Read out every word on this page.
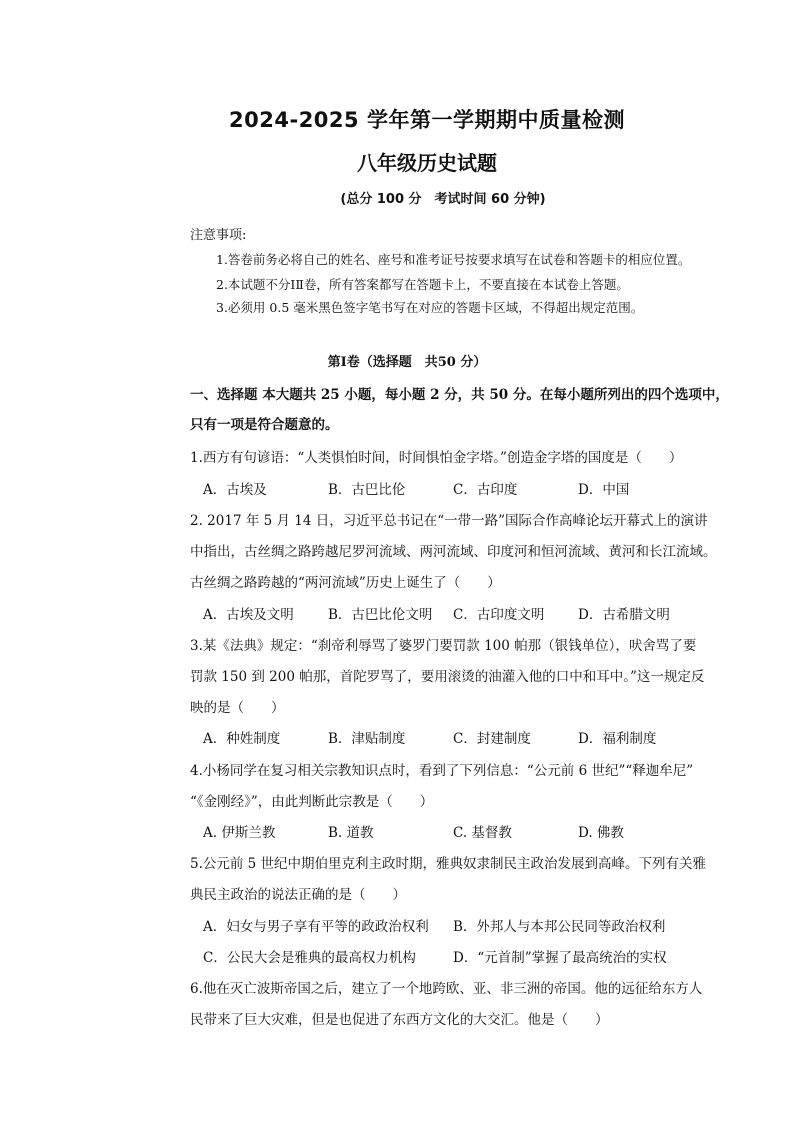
2024-2025 学年第一学期期中质量检测
八年级历史试题
(总分 100 分　考试时间 60 分钟)
注意事项:
1.答卷前务必将自己的姓名、座号和准考证号按要求填写在试卷和答题卡的相应位置。
2.本试题不分ⅠⅡ卷，所有答案都写在答题卡上，不要直接在本试卷上答题。
3.必须用 0.5 毫米黑色签字笔书写在对应的答题卡区域，不得超出规定范围。
第Ⅰ卷（选择题　共50 分）
一、选择题 本大题共 25 小题，每小题 2 分，共 50 分。在每小题所列出的四个选项中，
只有一项是符合题意的。
1.西方有句谚语：“人类惧怕时间，时间惧怕金字塔。”创造金字塔的国度是（　　）
A．古埃及	B．古巴比伦	C．古印度	D．中国
2. 2017 年 5 月 14 日，习近平总书记在“一带一路”国际合作高峰论坛开幕式上的演讲
中指出，古丝绸之路跨越尼罗河流域、两河流域、印度河和恒河流域、黄河和长江流域。
古丝绸之路跨越的“两河流域”历史上诞生了（　　）
A．古埃及文明	B．古巴比伦文明 C．古印度文明 D．古希腊文明
3.某《法典》规定：“刹帝利辱骂了婆罗门要罚款 100 帕那（银钱单位），吠舍骂了要
罚款 150 到 200 帕那，首陀罗骂了，要用滚烫的油灌入他的口中和耳中。”这一规定反
映的是（　　）
A．种姓制度	B．津贴制度	C．封建制度	D．福利制度
4.小杨同学在复习相关宗教知识点时，看到了下列信息：“公元前 6 世纪”“释迦牟尼”
“《金刚经》”，由此判断此宗教是（　　）
A. 伊斯兰教	B. 道教	C. 基督教	D. 佛教
5.公元前 5 世纪中期伯里克利主政时期，雅典奴隶制民主政治发展到高峰。下列有关雅
典民主政治的说法正确的是（　　）
A．妇女与男子享有平等的政政治权利 B．外邦人与本邦公民同等政治权利
C．公民大会是雅典的最高权力机构	D．“元首制”掌握了最高统治的实权
6.他在灭亡波斯帝国之后，建立了一个地跨欧、亚、非三洲的帝国。他的远征给东方人
民带来了巨大灾难，但是也促进了东西方文化的大交汇。他是（　　）
